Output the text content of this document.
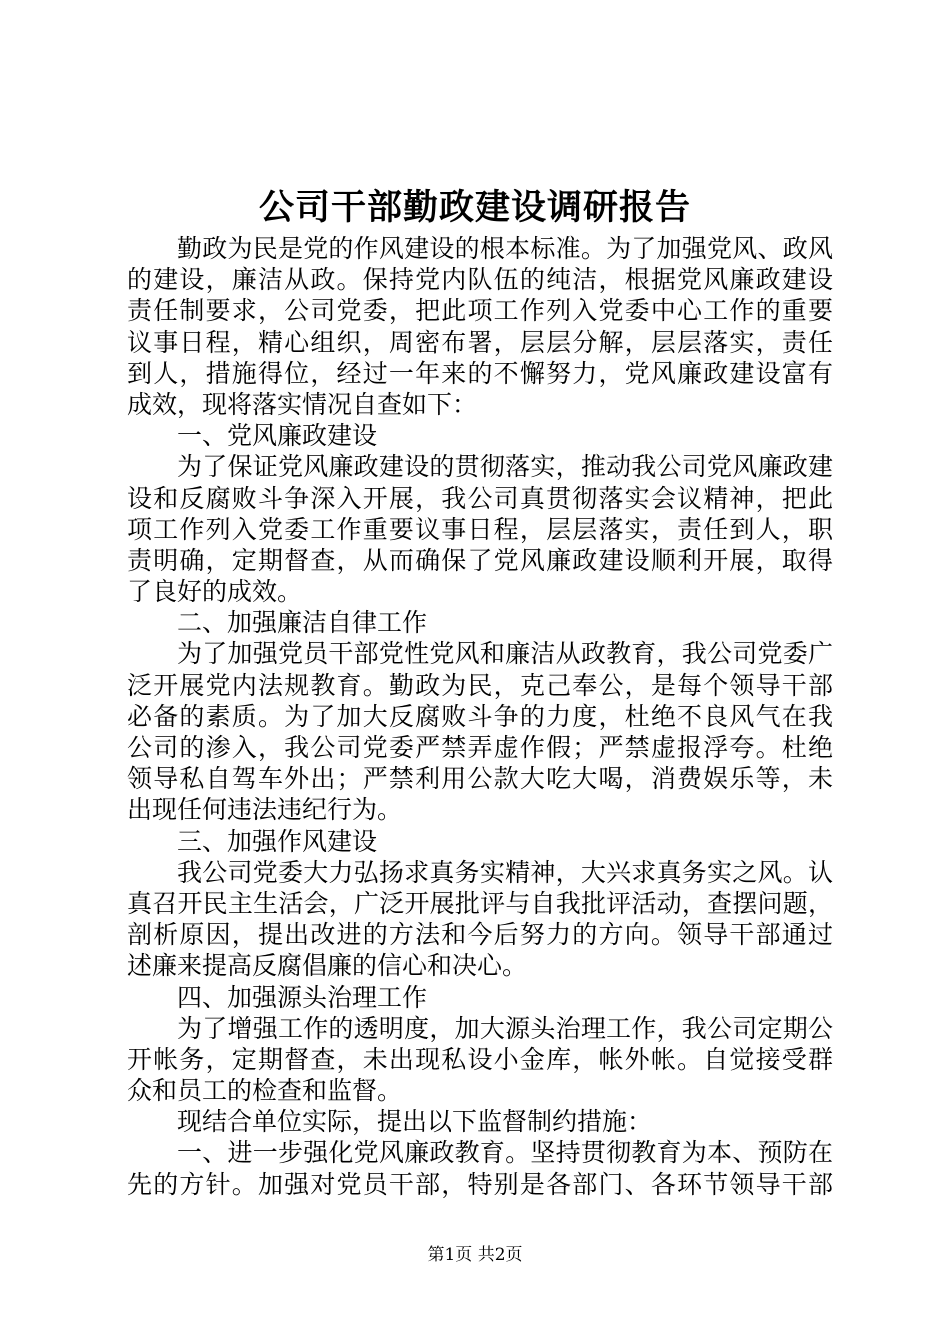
公司干部勤政建设调研报告
勤政为民是党的作风建设的根本标准。为了加强党风、政风
的建设，廉洁从政。保持党内队伍的纯洁，根据党风廉政建设
责任制要求，公司党委，把此项工作列入党委中心工作的重要
议事日程，精心组织，周密布署，层层分解，层层落实，责任
到人，措施得位，经过一年来的不懈努力，党风廉政建设富有
成效，现将落实情况自查如下：
一、党风廉政建设
为了保证党风廉政建设的贯彻落实，推动我公司党风廉政建
设和反腐败斗争深入开展，我公司真贯彻落实会议精神，把此
项工作列入党委工作重要议事日程，层层落实，责任到人，职
责明确，定期督查，从而确保了党风廉政建设顺利开展，取得
了良好的成效。
二、加强廉洁自律工作
为了加强党员干部党性党风和廉洁从政教育，我公司党委广
泛开展党内法规教育。勤政为民，克己奉公，是每个领导干部
必备的素质。为了加大反腐败斗争的力度，杜绝不良风气在我
公司的渗入，我公司党委严禁弄虚作假；严禁虚报浮夸。杜绝
领导私自驾车外出；严禁利用公款大吃大喝，消费娱乐等，未
出现任何违法违纪行为。
三、加强作风建设
我公司党委大力弘扬求真务实精神，大兴求真务实之风。认
真召开民主生活会，广泛开展批评与自我批评活动，查摆问题，
剖析原因，提出改进的方法和今后努力的方向。领导干部通过
述廉来提高反腐倡廉的信心和决心。
四、加强源头治理工作
为了增强工作的透明度，加大源头治理工作，我公司定期公
开帐务，定期督查，未出现私设小金库，帐外帐。自觉接受群
众和员工的检查和监督。
现结合单位实际，提出以下监督制约措施：
一、进一步强化党风廉政教育。坚持贯彻教育为本、预防在
先的方针。加强对党员干部，特别是各部门、各环节领导干部
第1页 共2页
